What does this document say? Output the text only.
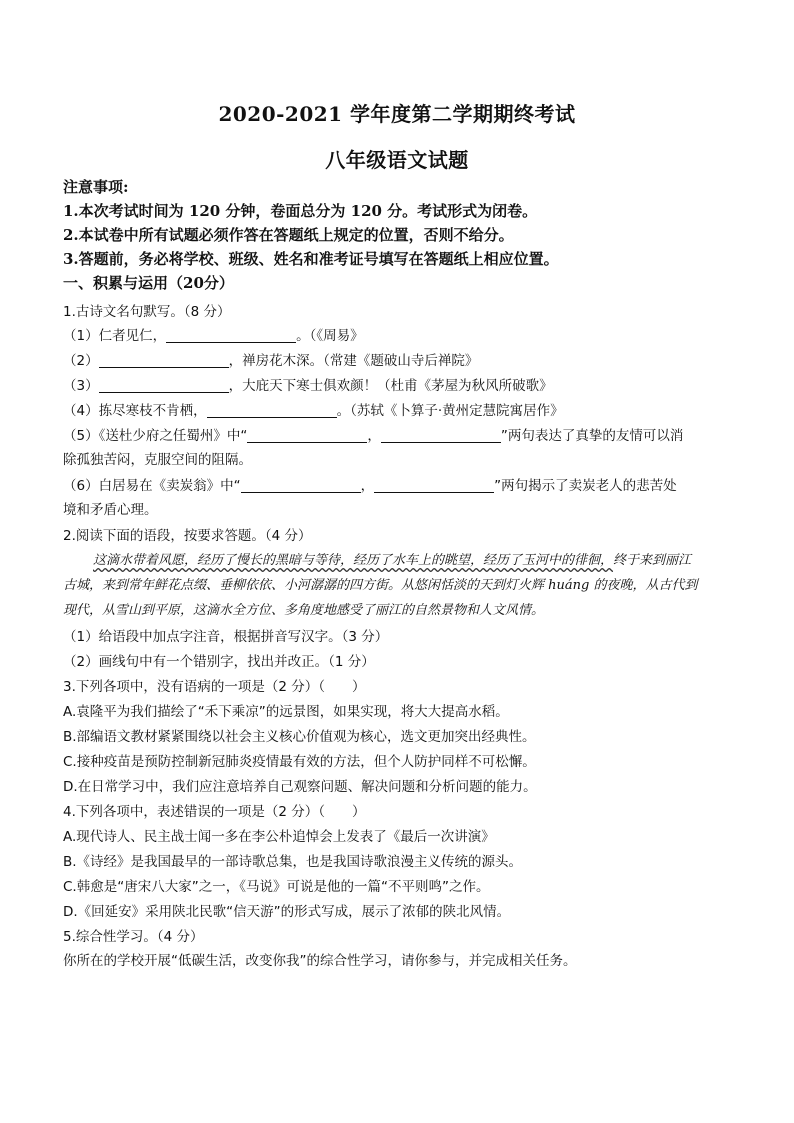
2020-2021 学年度第二学期期终考试
八年级语文试题
注意事项:
1.本次考试时间为 120 分钟，卷面总分为 120 分。考试形式为闭卷。
2.本试卷中所有试题必须作答在答题纸上规定的位置，否则不给分。
3.答题前，务必将学校、班级、姓名和准考证号填写在答题纸上相应位置。
一、积累与运用（20分）
1.古诗文名句默写。（8 分）
（1）仁者见仁，	。（《周易》
（2）	，禅房花木深。（常建《题破山寺后禅院》
（3）	，大庇天下寒士俱欢颜！（杜甫《茅屋为秋风所破歌》
（4）拣尽寒枝不肯栖，	。（苏轼《卜算子·黄州定慧院寓居作》
（5）《送杜少府之任蜀州》中“	，	”两句表达了真挚的友情可以消
除孤独苦闷，克服空间的阻隔。
（6）白居易在《卖炭翁》中“	，	”两句揭示了卖炭老人的悲苦处
境和矛盾心理。
2.阅读下面的语段，按要求答题。（4 分）
这滴水带着风愿，经历了慢长的黑暗与等待，经历了水车上的眺望，经历了玉河中的徘徊，终于来到丽江
古城，来到常年鲜花点缀、垂柳依依、小河潺潺的四方街。从悠闲恬淡的天到灯火辉 huáng 的夜晚，从古代到
现代，从雪山到平原，这滴水全方位、多角度地感受了丽江的自然景物和人文风情。
（1）给语段中加点字注音，根据拼音写汉字。（3 分）
（2）画线句中有一个错别字，找出并改正。（1 分）
3.下列各项中，没有语病的一项是（2 分）（　　）
A.袁隆平为我们描绘了“禾下乘凉”的远景图，如果实现，将大大提高水稻。
B.部编语文教材紧紧围绕以社会主义核心价值观为核心，选文更加突出经典性。
C.接种疫苗是预防控制新冠肺炎疫情最有效的方法，但个人防护同样不可松懈。
D.在日常学习中，我们应注意培养自己观察问题、解决问题和分析问题的能力。
4.下列各项中，表述错误的一项是（2 分）（　　）
A.现代诗人、民主战士闻一多在李公朴追悼会上发表了《最后一次讲演》
B.《诗经》是我国最早的一部诗歌总集，也是我国诗歌浪漫主义传统的源头。
C.韩愈是“唐宋八大家”之一，《马说》可说是他的一篇“不平则鸣”之作。
D.《回延安》采用陕北民歌“信天游”的形式写成，展示了浓郁的陕北风情。
5.综合性学习。（4 分）
你所在的学校开展“低碳生活，改变你我”的综合性学习，请你参与，并完成相关任务。
